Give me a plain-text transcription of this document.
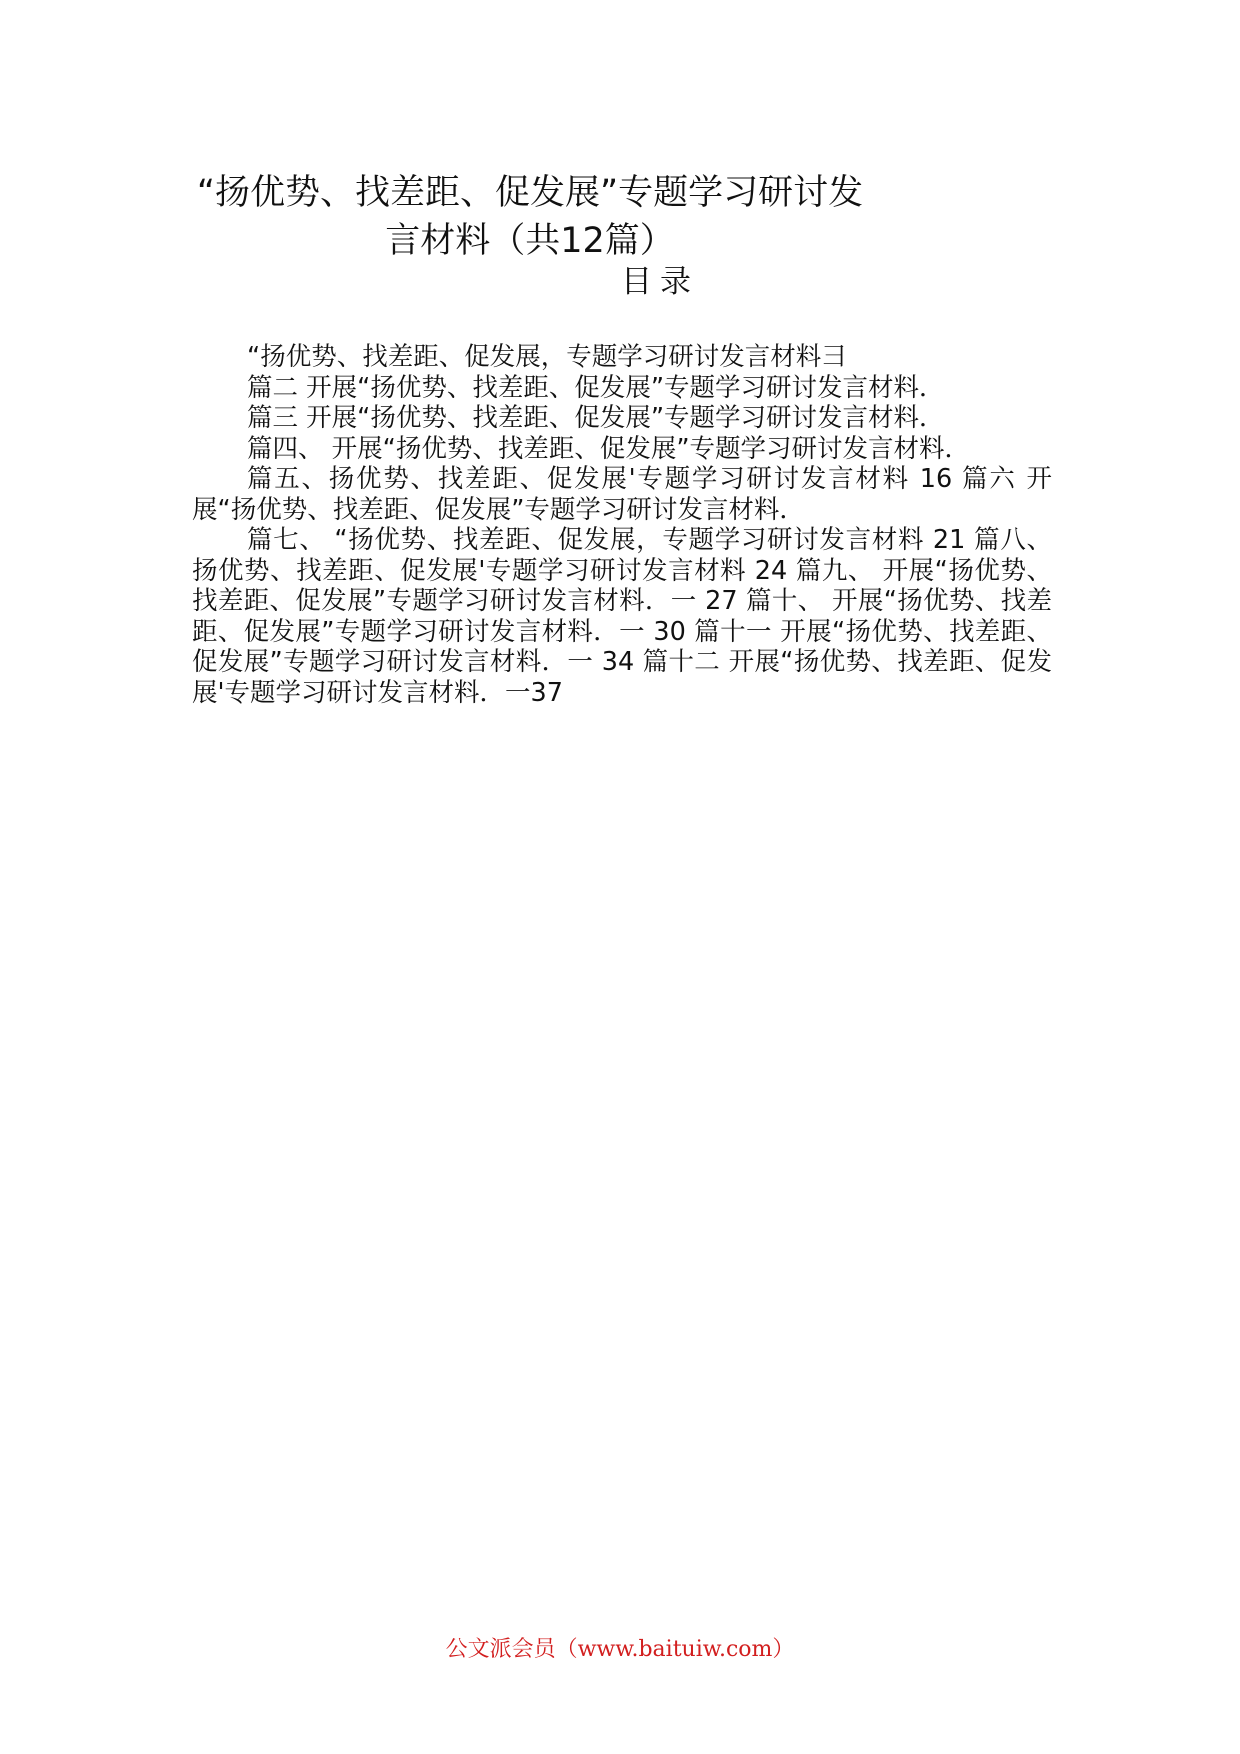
“扬优势、找差距、促发展”专题学习研讨发
言材料（共12篇）
目录

“扬优势、找差距、促发展，专题学习研讨发言材料彐

篇二 开展“扬优势、找差距、促发展”专题学习研讨发言材料．

篇三 开展“扬优势、找差距、促发展”专题学习研讨发言材料．

篇四、 开展“扬优势、找差距、促发展”专题学习研讨发言材料．

篇五、扬优势、找差距、促发展'专题学习研讨发言材料 16 篇六 开展“扬优势、找差距、促发展”专题学习研讨发言材料．

篇七、 “扬优势、找差距、促发展，专题学习研讨发言材料 21 篇八、扬优势、找差距、促发展'专题学习研讨发言材料 24 篇九、 开展“扬优势、找差距、促发展”专题学习研讨发言材料．一 27 篇十、 开展“扬优势、找差距、促发展”专题学习研讨发言材料．一 30 篇十一 开展“扬优势、找差距、促发展”专题学习研讨发言材料．一 34 篇十二 开展“扬优势、找差距、促发展'专题学习研讨发言材料．一37

公文派会员（www.baituiw.com）
